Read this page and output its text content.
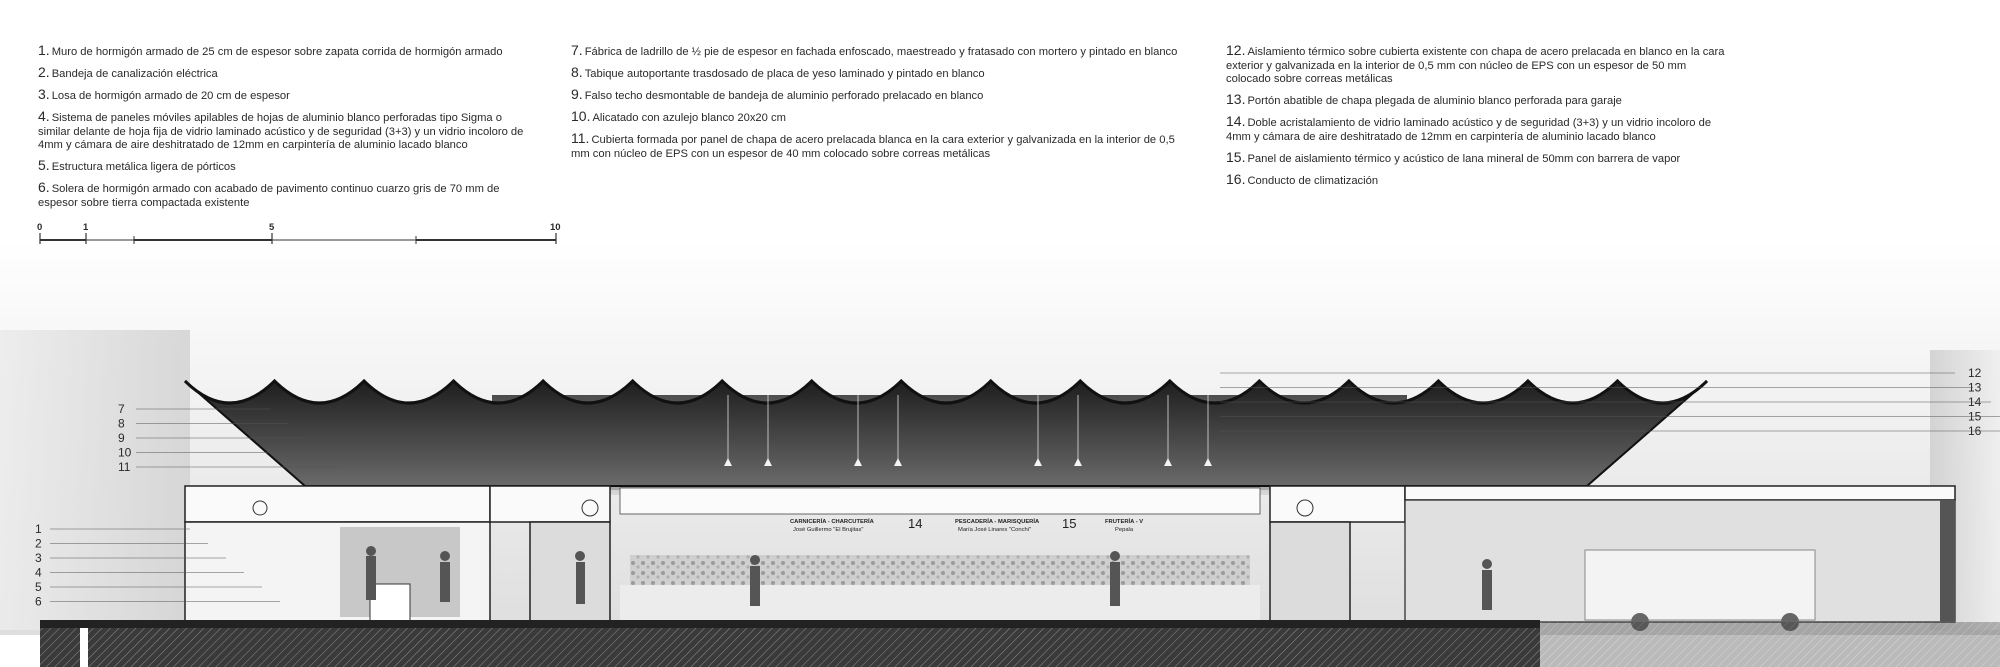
1. Muro de hormigón armado de 25 cm de espesor sobre zapata corrida de hormigón armado
2. Bandeja de canalización eléctrica
3. Losa de hormigón armado de 20 cm de espesor
4. Sistema de paneles móviles apilables de hojas de aluminio blanco perforadas tipo Sigma o similar delante de hoja fija de vidrio laminado acústico y de seguridad (3+3) y un vidrio incoloro de 4mm y cámara de aire deshitratado de 12mm en carpintería de aluminio lacado blanco
5. Estructura metálica ligera de pórticos
6. Solera de hormigón armado con acabado de pavimento continuo cuarzo gris de 70 mm de espesor sobre tierra compactada existente
7. Fábrica de ladrillo de ½ pie de espesor en fachada enfoscado, maestreado y fratasado con mortero y pintado en blanco
8. Tabique autoportante trasdosado de placa de yeso laminado y pintado en blanco
9. Falso techo desmontable de bandeja de aluminio perforado prelacado en blanco
10. Alicatado con azulejo blanco 20x20 cm
11. Cubierta formada por panel de chapa de acero prelacada blanca en la cara exterior y galvanizada en la interior de 0,5 mm con núcleo de EPS con un espesor de 40 mm colocado sobre correas metálicas
12. Aislamiento térmico sobre cubierta existente con chapa de acero prelacada en blanco en la cara exterior y galvanizada en la interior de 0,5 mm con núcleo de EPS con un espesor de 50 mm colocado sobre correas metálicas
13. Portón abatible de chapa plegada de aluminio blanco perforada para garaje
14. Doble acristalamiento de vidrio laminado acústico y de seguridad (3+3) y un vidrio incoloro de 4mm y cámara de aire deshitratado de 12mm en carpintería de aluminio lacado blanco
15. Panel de aislamiento térmico y acústico de lana mineral de 50mm con barrera de vapor
16. Conducto de climatización
CARNICERÍA - CHARCUTERÍA
José Guillermo "El Brujitas"	14	PESCADERÍA - MARISQUERÍA
María José Linares "Conchi" 15	FRUTERÍA - V
Pepala
7
8
9
10
11
1
2
3
4
5
6
12
13
14
15
16
0	1	5	10
